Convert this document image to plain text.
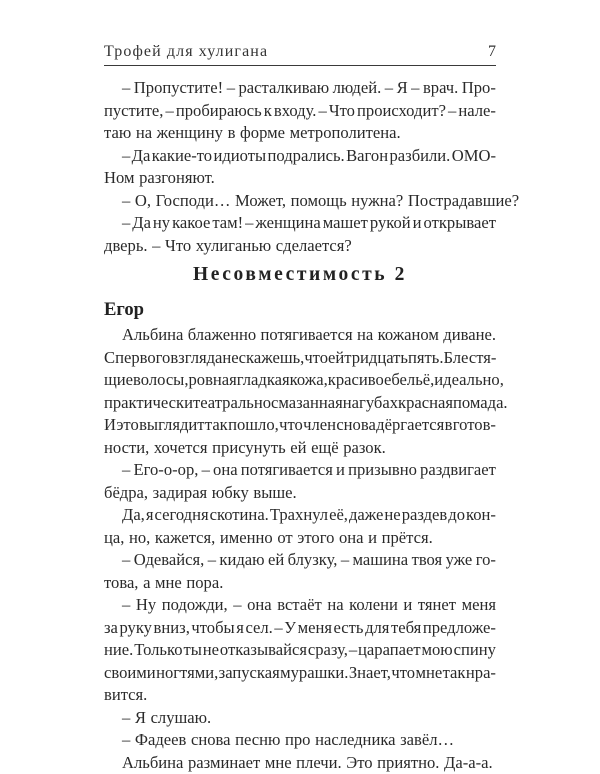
Трофей для хулигана	7
– Пропустите! – расталкиваю людей. – Я – врач. Про-
пустите, – пробираюсь к входу. – Что происходит? – нале-
таю на женщину в форме метрополитена.
– Да какие-то идиоты подрались. Вагон разбили. ОМО-
Ном разгоняют.
– О, Господи… Может, помощь нужна? Пострадавшие?
– Да ну какое там! – женщина машет рукой и открывает
дверь. – Что хулиганью сделается?
Несовместимость 2
Егор
Альбина блаженно потягивается на кожаном диване.
С первого взгляда не скажешь, что ей тридцать пять. Блестя-
щие волосы, ровная гладкая кожа, красивое бельё, идеально,
практически театрально смазанная на губах красная помада.
И это выглядит так пошло, что член снова дёргается в готов-
ности, хочется присунуть ей ещё разок.
– Его-о-ор, – она потягивается и призывно раздвигает
бёдра, задирая юбку выше.
Да, я сегодня скотина. Трахнул её, даже не раздев до кон-
ца, но, кажется, именно от этого она и прётся.
– Одевайся, – кидаю ей блузку, – машина твоя уже го-
това, а мне пора.
– Ну подожди, – она встаёт на колени и тянет меня
за руку вниз, чтобы я сел. – У меня есть для тебя предложе-
ние. Только ты не отказывайся сразу, – царапает мою спину
своими ногтями, запуская мурашки. Знает, что мне так нра-
вится.
– Я слушаю.
– Фадеев снова песню про наследника завёл…
Альбина разминает мне плечи. Это приятно. Да-а-а.
